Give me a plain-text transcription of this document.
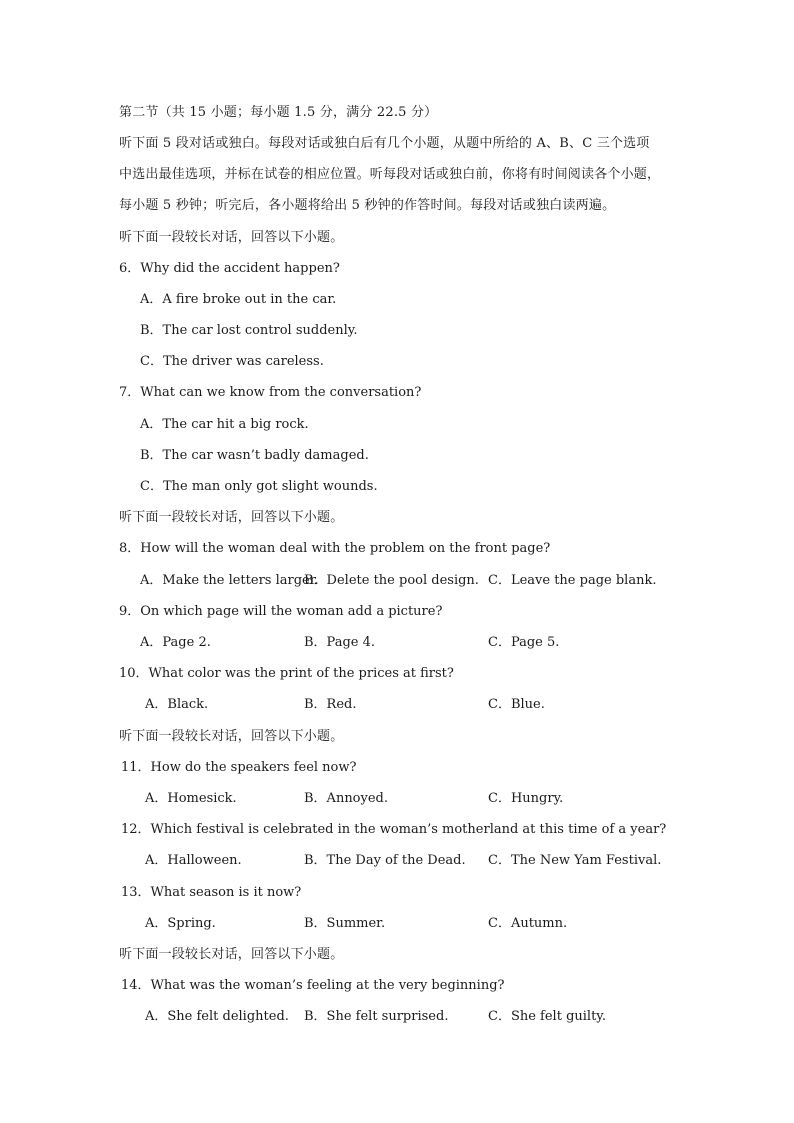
第二节（共 15 小题；每小题 1.5 分，满分 22.5 分）
听下面 5 段对话或独白。每段对话或独白后有几个小题，从题中所给的 A、B、C 三个选项
中选出最佳选项，并标在试卷的相应位置。听每段对话或独白前，你将有时间阅读各个小题，
每小题 5 秒钟；听完后，各小题将给出 5 秒钟的作答时间。每段对话或独白读两遍。
听下面一段较长对话，回答以下小题。
6．Why did the accident happen?
A．A fire broke out in the car.
B．The car lost control suddenly.
C．The driver was careless.
7．What can we know from the conversation?
A．The car hit a big rock.
B．The car wasn’t badly damaged.
C．The man only got slight wounds.
听下面一段较长对话，回答以下小题。
8．How will the woman deal with the problem on the front page?
A．Make the letters larger.
B．Delete the pool design. C．Leave the page blank.
9．On which page will the woman add a picture?
A．Page 2.	B．Page 4.	C．Page 5.
10．What color was the print of the prices at first?
A．Black.	B．Red.	C．Blue.
听下面一段较长对话，回答以下小题。
11．How do the speakers feel now?
A．Homesick.	B．Annoyed.	C．Hungry.
12．Which festival is celebrated in the woman’s motherland at this time of a year?
A．Halloween.	B．The Day of the Dead. C．The New Yam Festival.
13．What season is it now?
A．Spring.	B．Summer.	C．Autumn.
听下面一段较长对话，回答以下小题。
14．What was the woman’s feeling at the very beginning?
A．She felt delighted. B．She felt surprised.	C．She felt guilty.
